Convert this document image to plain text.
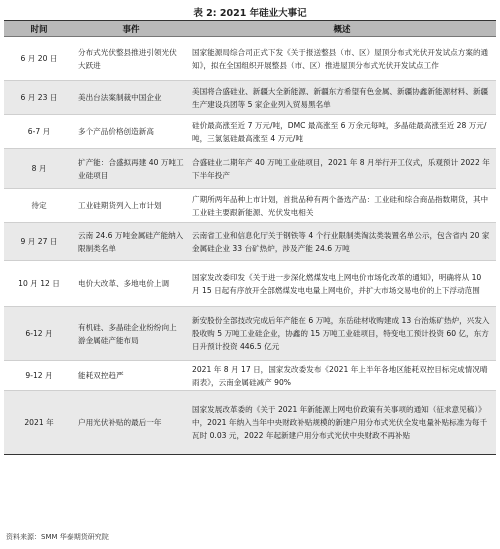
表 2: 2021 年硅业大事记
时间	事件	概述
6 月 20 日	分布式光伏整县推进引领光伏大跃进	国家能源局综合司正式下发《关于报送整县（市、区）屋顶分布式光伏开发试点方案的通知》，拟在全国组织开展整县（市、区）推进屋顶分布式光伏开发试点工作
6 月 23 日	美出台法案制裁中国企业	美国将合盛硅业、新疆大全新能源、新疆东方希望有色金属、新疆协鑫新能源材料、新疆生产建设兵团等 5 家企业列入贸易黑名单
6-7 月	多个产品价格创造新高	硅价最高涨至近 7 万元/吨，DMC 最高涨至 6 万余元每吨，多晶硅最高涨至近 28 万元/吨，三氯氢硅最高涨至 4 万元/吨
8 月	扩产能：合盛拟再建 40 万吨工业硅项目	合盛硅业二期年产 40 万吨工业硅项目，2021 年 8 月举行开工仪式，乐观预计 2022 年下半年投产
待定	工业硅期货列入上市计划	广期所两年品种上市计划，首批品种有两个备选产品：工业硅和综合商品指数期货，其中工业硅主要跟新能源、光伏发电相关
9 月 27 日	云南 24.6 万吨金属硅产能纳入限制类名单	云南省工业和信息化厅关于钢铁等 4 个行业限制类淘汰类装置名单公示，包含省内 20 家金属硅企业 33 台矿热炉，涉及产能 24.6 万吨
10 月 12 日	电价大改革、多地电价上调	国家发改委印发《关于进一步深化燃煤发电上网电价市场化改革的通知》，明确将从 10 月 15 日起有序放开全部燃煤发电电量上网电价，并扩大市场交易电价的上下浮动范围
6-12 月	有机硅、多晶硅企业纷纷向上游金属硅产能布局	新安股份全部技改完成后年产能在 6 万吨，东岳硅材收购建成 13 台治炼矿热炉，兴发入股收购 5 万吨工业硅企业，协鑫的 15 万吨工业硅项目，特变电工预计投资 60 亿，东方日升预计投资 446.5 亿元
9-12 月	能耗双控趋严	2021 年 8 月 17 日，国家发改委发布《2021 年上半年各地区能耗双控目标完成情况晴雨表》，云南金属硅减产 90%
2021 年	户用光伏补贴的最后一年	国家发展改革委的《关于 2021 年新能源上网电价政策有关事项的通知（征求意见稿）》中，2021 年纳入当年中央财政补贴规模的新建户用分布式光伏全发电量补贴标准为每千瓦时 0.03 元，2022 年起新建户用分布式光伏中央财政不再补贴
资料来源：SMM 华泰期货研究院
